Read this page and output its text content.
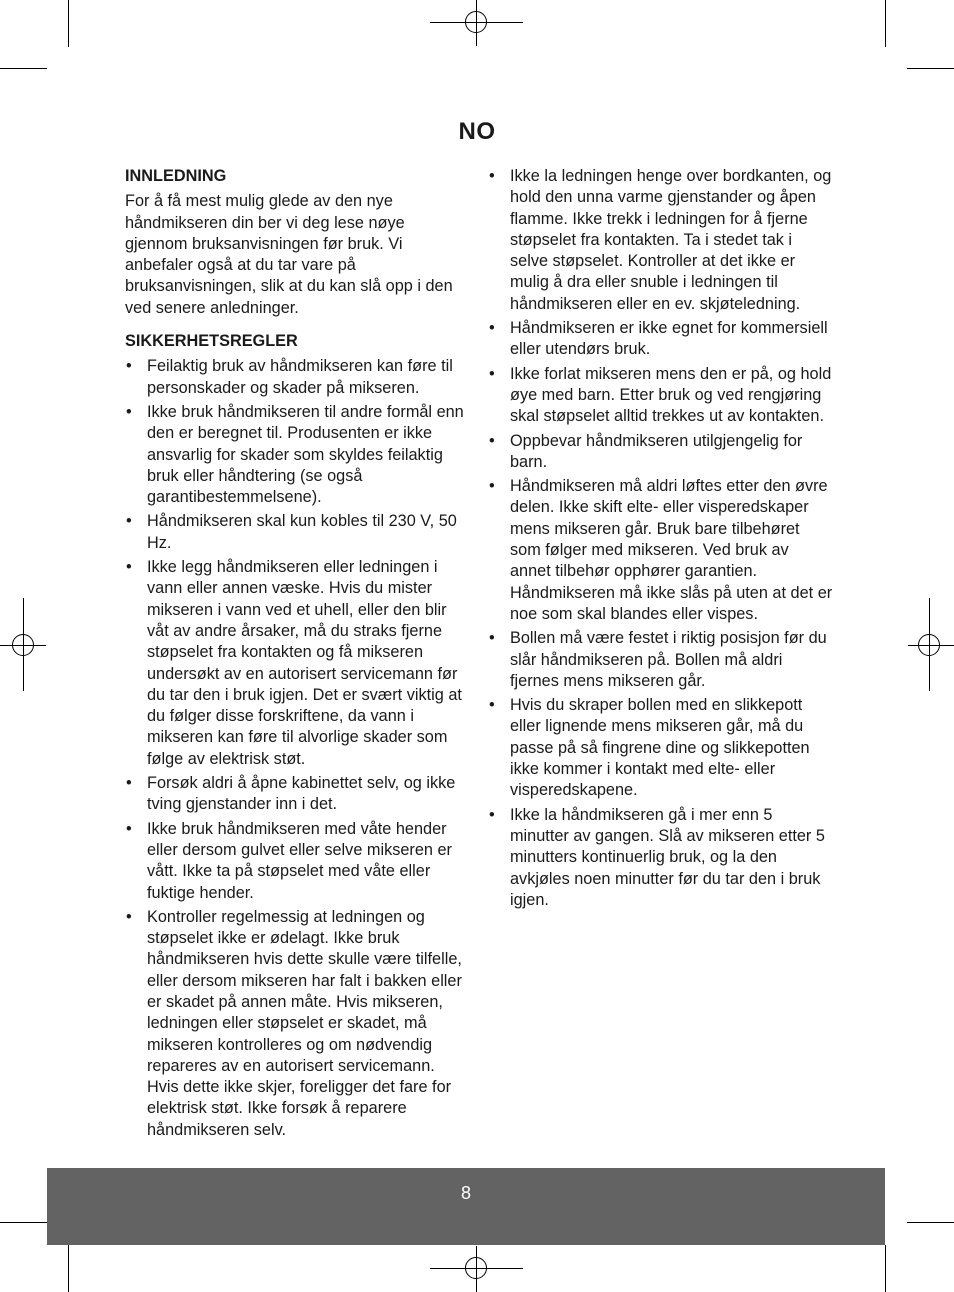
NO
INNLEDNING
For å få mest mulig glede av den nye håndmikseren din ber vi deg lese nøye gjennom bruksanvisningen før bruk. Vi anbefaler også at du tar vare på bruksanvisningen, slik at du kan slå opp i den ved senere anledninger.
SIKKERHETSREGLER
• Feilaktig bruk av håndmikseren kan føre til personskader og skader på mikseren.
• Ikke bruk håndmikseren til andre formål enn den er beregnet til. Produsenten er ikke ansvarlig for skader som skyldes feilaktig bruk eller håndtering (se også garantibestemmelsene).
• Håndmikseren skal kun kobles til 230 V, 50 Hz.
• Ikke legg håndmikseren eller ledningen i vann eller annen væske. Hvis du mister mikseren i vann ved et uhell, eller den blir våt av andre årsaker, må du straks fjerne støpselet fra kontakten og få mikseren undersøkt av en autorisert servicemann før du tar den i bruk igjen. Det er svært viktig at du følger disse forskriftene, da vann i mikseren kan føre til alvorlige skader som følge av elektrisk støt.
• Forsøk aldri å åpne kabinettet selv, og ikke tving gjenstander inn i det.
• Ikke bruk håndmikseren med våte hender eller dersom gulvet eller selve mikseren er vått. Ikke ta på støpselet med våte eller fuktige hender.
• Kontroller regelmessig at ledningen og støpselet ikke er ødelagt. Ikke bruk håndmikseren hvis dette skulle være tilfelle, eller dersom mikseren har falt i bakken eller er skadet på annen måte. Hvis mikseren, ledningen eller støpselet er skadet, må mikseren kontrolleres og om nødvendig repareres av en autorisert servicemann. Hvis dette ikke skjer, foreligger det fare for elektrisk støt. Ikke forsøk å reparere håndmikseren selv.
• Ikke la ledningen henge over bordkanten, og hold den unna varme gjenstander og åpen flamme. Ikke trekk i ledningen for å fjerne støpselet fra kontakten. Ta i stedet tak i selve støpselet. Kontroller at det ikke er mulig å dra eller snuble i ledningen til håndmikseren eller en ev. skjøteledning.
• Håndmikseren er ikke egnet for kommersiell eller utendørs bruk.
• Ikke forlat mikseren mens den er på, og hold øye med barn. Etter bruk og ved rengjøring skal støpselet alltid trekkes ut av kontakten.
• Oppbevar håndmikseren utilgjengelig for barn.
• Håndmikseren må aldri løftes etter den øvre delen. Ikke skift elte- eller visperedskaper mens mikseren går. Bruk bare tilbehøret som følger med mikseren. Ved bruk av annet tilbehør opphører garantien. Håndmikseren må ikke slås på uten at det er noe som skal blandes eller vispes.
• Bollen må være festet i riktig posisjon før du slår håndmikseren på. Bollen må aldri fjernes mens mikseren går.
• Hvis du skraper bollen med en slikkepott eller lignende mens mikseren går, må du passe på så fingrene dine og slikkepotten ikke kommer i kontakt med elte- eller visperedskapene.
• Ikke la håndmikseren gå i mer enn 5 minutter av gangen. Slå av mikseren etter 5 minutters kontinuerlig bruk, og la den avkjøles noen minutter før du tar den i bruk igjen.
8
